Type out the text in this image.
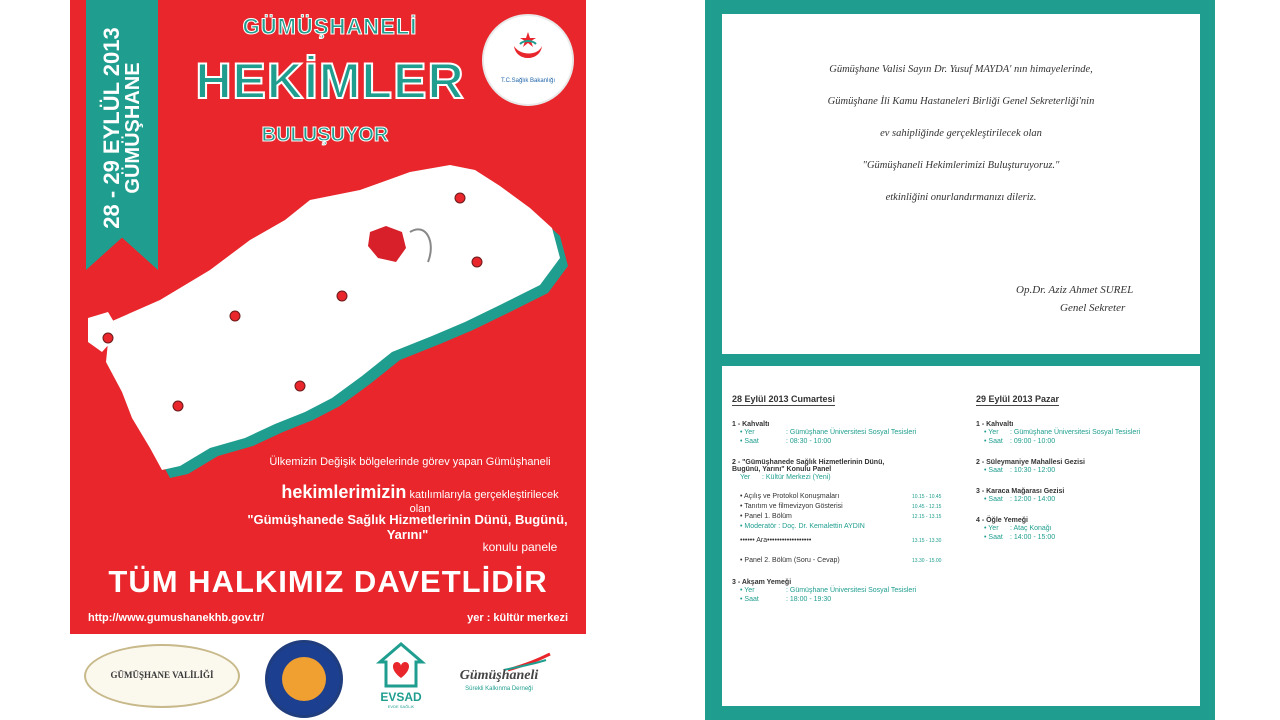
28 - 29 EYLÜL 2013
GÜMÜŞHANE
GÜMÜŞHANELİ
HEKİMLER
BULUŞUYOR
T.C.Sağlık Bakanlığı
Ülkemizin Değişik bölgelerinde görev yapan Gümüşhaneli
hekimlerimizin katılımlarıyla gerçekleştirilecek olan
"Gümüşhanede Sağlık Hizmetlerinin Dünü, Bugünü, Yarını"
konulu panele
TÜM HALKIMIZ DAVETLİDİR
http://www.gumushanekhb.gov.tr/	yer : kültür merkezi
GÜMÜŞHANE VALİLİĞİ
EVSAD
EVDE SAĞLIK
Gümüşhaneli
Sürekli Kalkınma Derneği
Gümüşhane Valisi Sayın Dr. Yusuf MAYDA' nın himayelerinde,
Gümüşhane İli Kamu Hastaneleri Birliği Genel Sekreterliği'nin
ev sahipliğinde gerçekleştirilecek olan
"Gümüşhaneli Hekimlerimizi Buluşturuyoruz."
etkinliğini onurlandırmanızı dileriz.
Op.Dr. Aziz Ahmet SUREL
Genel Sekreter
28 Eylül 2013 Cumartesi
1 - Kahvaltı
• Yer	: Gümüşhane Üniversitesi Sosyal Tesisleri
• Saat	: 08:30 - 10:00
2 - "Gümüşhanede Sağlık Hizmetlerinin Dünü,
Bugünü, Yarını" Konulu Panel
Yer : Kültür Merkezi (Yeni)
• Açılış ve Protokol Konuşmaları	10.15 - 10.45
• Tanıtım ve filmevizyon Gösterisi	10.45 - 12.15
• Panel 1. Bölüm	12.15 - 13.15
• Moderatör : Doç. Dr. Kemalettin AYDIN
•••••• Ara••••••••••••••••••	13.15 - 13.30
• Panel 2. Bölüm (Soru - Cevap)	13.30 - 15.00
3 - Akşam Yemeği
• Yer	: Gümüşhane Üniversitesi Sosyal Tesisleri
• Saat	: 18:00 - 19:30
29 Eylül 2013 Pazar
1 - Kahvaltı
• Yer : Gümüşhane Üniversitesi Sosyal Tesisleri
• Saat : 09:00 - 10:00
2 - Süleymaniye Mahallesi Gezisi
• Saat : 10:30 - 12:00
3 - Karaca Mağarası Gezisi
• Saat : 12:00 - 14:00
4 - Öğle Yemeği
• Yer : Ataç Konağı
• Saat : 14:00 - 15:00
